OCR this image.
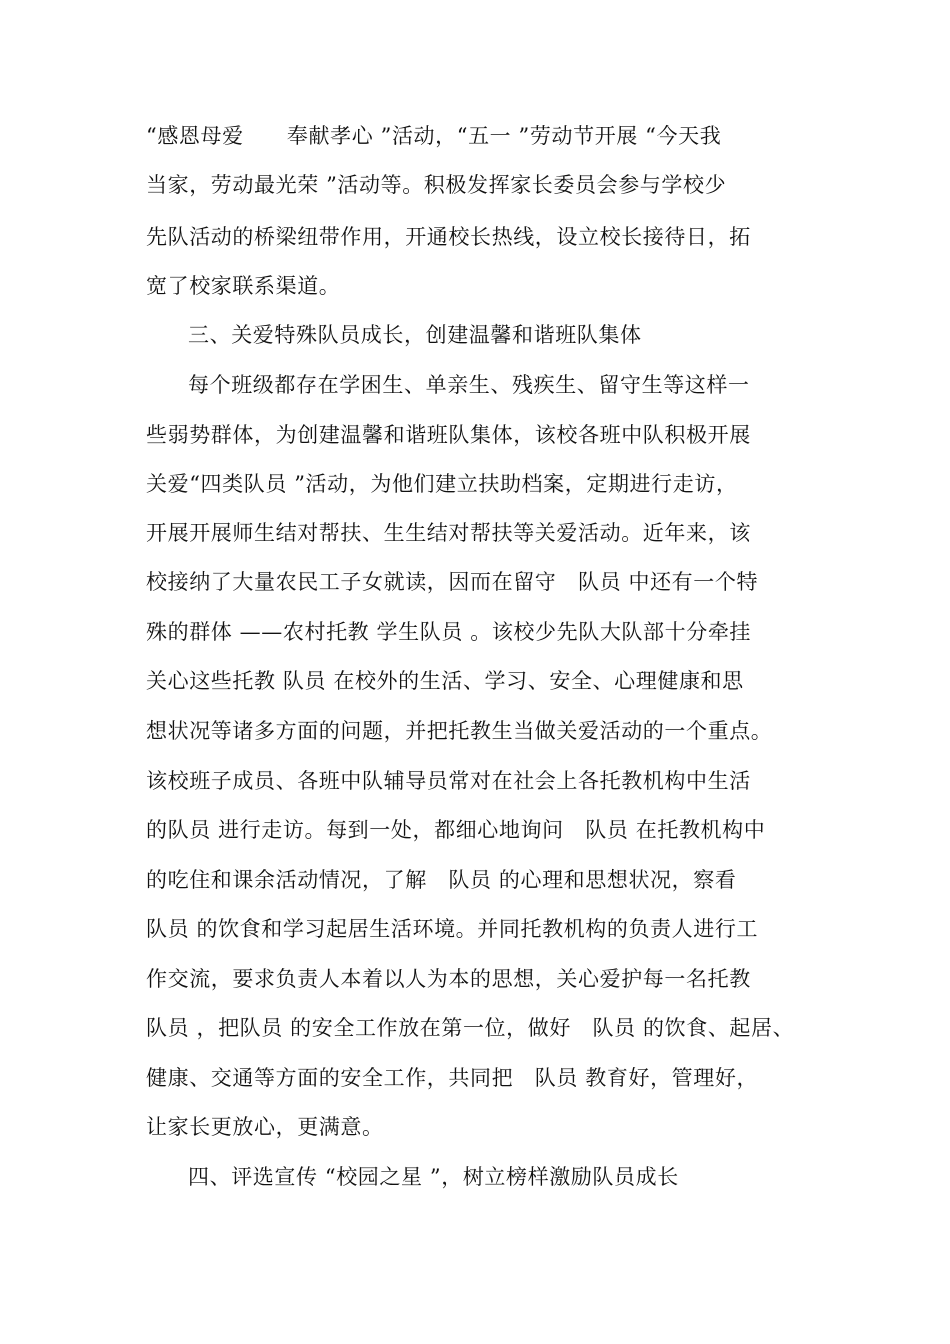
“感恩母爱　　奉献孝心 ”活动，“五一 ”劳动节开展 “今天我
当家，劳动最光荣 ”活动等。积极发挥家长委员会参与学校少
先队活动的桥梁纽带作用，开通校长热线，设立校长接待日，拓
宽了校家联系渠道。
三、关爱特殊队员成长，创建温馨和谐班队集体
每个班级都存在学困生、单亲生、残疾生、留守生等这样一
些弱势群体，为创建温馨和谐班队集体，该校各班中队积极开展
关爱“四类队员 ”活动，为他们建立扶助档案，定期进行走访，
开展开展师生结对帮扶、生生结对帮扶等关爱活动。近年来，该
校接纳了大量农民工子女就读，因而在留守　队员 中还有一个特
殊的群体 ——农村托教 学生队员 。该校少先队大队部十分牵挂
关心这些托教 队员 在校外的生活、学习、安全、心理健康和思
想状况等诸多方面的问题，并把托教生当做关爱活动的一个重点。
该校班子成员、各班中队辅导员常对在社会上各托教机构中生活
的队员 进行走访。每到一处，都细心地询问　队员 在托教机构中
的吃住和课余活动情况，了解　队员 的心理和思想状况，察看
队员 的饮食和学习起居生活环境。并同托教机构的负责人进行工
作交流，要求负责人本着以人为本的思想，关心爱护每一名托教
队员 ，把队员 的安全工作放在第一位，做好　队员 的饮食、起居、
健康、交通等方面的安全工作，共同把　队员 教育好，管理好，
让家长更放心，更满意。
四、评选宣传 “校园之星 ”，树立榜样激励队员成长
